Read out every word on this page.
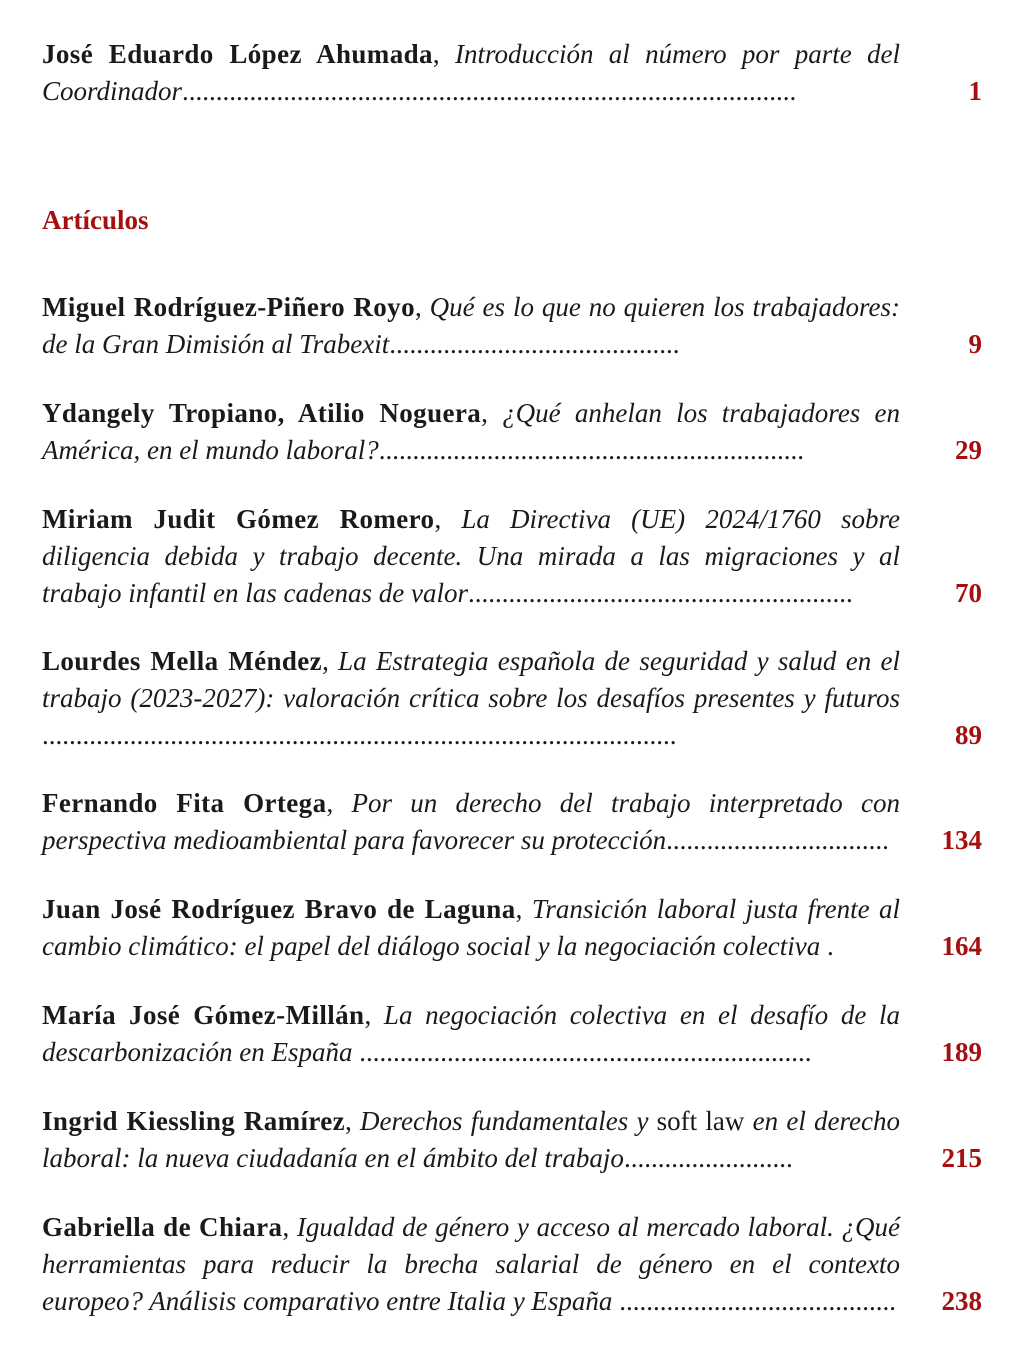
José Eduardo López Ahumada, Introducción al número por parte del Coordinador...........................................................................................	1
Artículos
Miguel Rodríguez-Piñero Royo, Qué es lo que no quieren los trabajadores: de la Gran Dimisión al Trabexit...........................................	9
Ydangely Tropiano, Atilio Noguera, ¿Qué anhelan los trabajadores en América, en el mundo laboral?...............................................................	29
Miriam Judit Gómez Romero, La Directiva (UE) 2024/1760 sobre diligencia debida y trabajo decente. Una mirada a las migraciones y al trabajo infantil en las cadenas de valor.........................................................	70
Lourdes Mella Méndez, La Estrategia española de seguridad y salud en el trabajo (2023-2027): valoración crítica sobre los desafíos presentes y futuros ..............................................................................................	89
Fernando Fita Ortega, Por un derecho del trabajo interpretado con perspectiva medioambiental para favorecer su protección.................................	134
Juan José Rodríguez Bravo de Laguna, Transición laboral justa frente al cambio climático: el papel del diálogo social y la negociación colectiva .	164
María José Gómez-Millán, La negociación colectiva en el desafío de la descarbonización en España ...................................................................	189
Ingrid Kiessling Ramírez, Derechos fundamentales y soft law en el derecho laboral: la nueva ciudadanía en el ámbito del trabajo.........................	215
Gabriella de Chiara, Igualdad de género y acceso al mercado laboral. ¿Qué herramientas para reducir la brecha salarial de género en el contexto europeo? Análisis comparativo entre Italia y España .........................................	238
